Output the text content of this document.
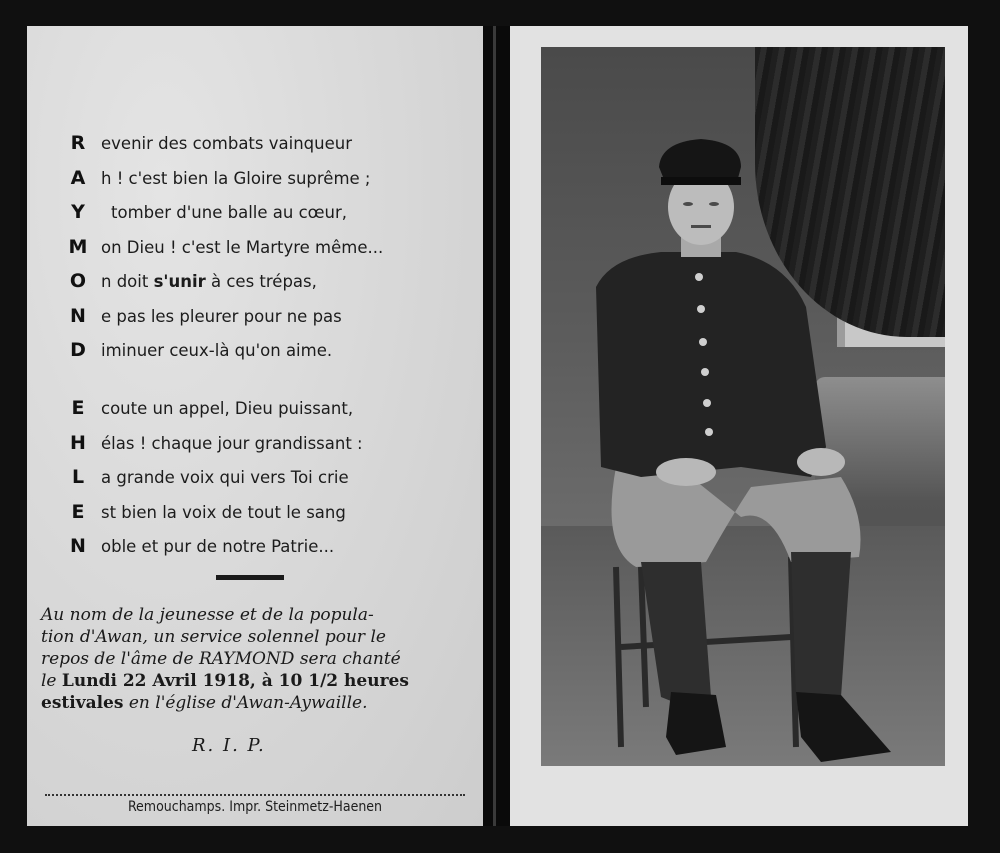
R evenir des combats vainqueur
A h ! c'est bien la Gloire suprême ;
Y	tomber d'une balle au cœur,
M on Dieu ! c'est le Martyre même...
O n doit s'unir à ces trépas,
N e pas les pleurer pour ne pas
D iminuer ceux-là qu'on aime.
E	coute un appel, Dieu puissant,
H élas ! chaque jour grandissant :
L	a grande voix qui vers Toi crie
E	st bien la voix de tout le sang
N oble et pur de notre Patrie...
Au nom de la jeunesse et de la popula-
tion d'Awan, un service solennel pour le
repos de l'âme de RAYMOND sera chanté
le Lundi 22 Avril 1918, à 10 1/2 heures
estivales en l'église d'Awan-Aywaille.
R. I. P.
Remouchamps. Impr. Steinmetz-Haenen
